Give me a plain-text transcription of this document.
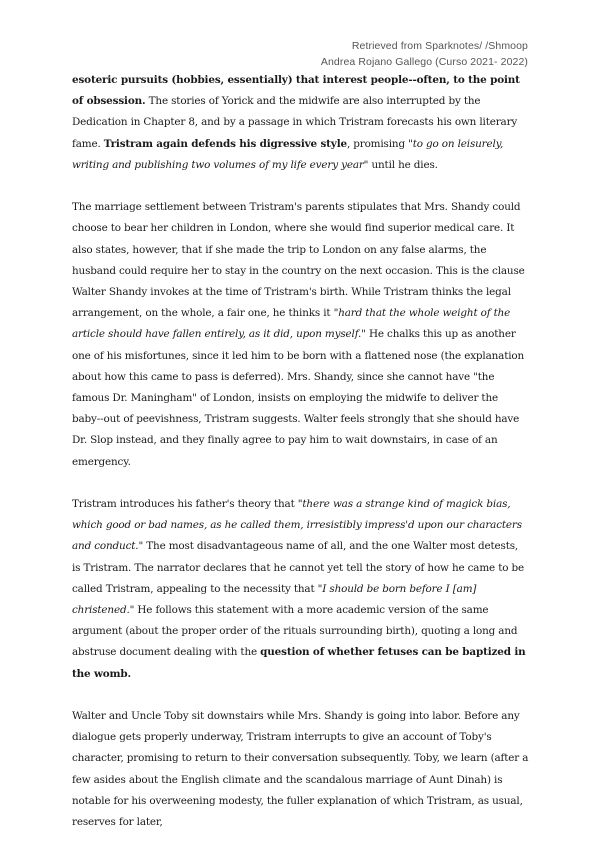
Retrieved from Sparknotes/ /Shmoop
Andrea Rojano Gallego (Curso 2021- 2022)

esoteric pursuits (hobbies, essentially) that interest people--often, to the point of obsession. The stories of Yorick and the midwife are also interrupted by the Dedication in Chapter 8, and by a passage in which Tristram forecasts his own literary fame. Tristram again defends his digressive style, promising "to go on leisurely, writing and publishing two volumes of my life every year" until he dies.

The marriage settlement between Tristram's parents stipulates that Mrs. Shandy could choose to bear her children in London, where she would find superior medical care. It also states, however, that if she made the trip to London on any false alarms, the husband could require her to stay in the country on the next occasion. This is the clause Walter Shandy invokes at the time of Tristram's birth. While Tristram thinks the legal arrangement, on the whole, a fair one, he thinks it "hard that the whole weight of the article should have fallen entirely, as it did, upon myself." He chalks this up as another one of his misfortunes, since it led him to be born with a flattened nose (the explanation about how this came to pass is deferred). Mrs. Shandy, since she cannot have "the famous Dr. Maningham" of London, insists on employing the midwife to deliver the baby--out of peevishness, Tristram suggests. Walter feels strongly that she should have Dr. Slop instead, and they finally agree to pay him to wait downstairs, in case of an emergency.

Tristram introduces his father's theory that "there was a strange kind of magick bias, which good or bad names, as he called them, irresistibly impress'd upon our characters and conduct." The most disadvantageous name of all, and the one Walter most detests, is Tristram. The narrator declares that he cannot yet tell the story of how he came to be called Tristram, appealing to the necessity that "I should be born before I [am] christened." He follows this statement with a more academic version of the same argument (about the proper order of the rituals surrounding birth), quoting a long and abstruse document dealing with the question of whether fetuses can be baptized in the womb.

Walter and Uncle Toby sit downstairs while Mrs. Shandy is going into labor. Before any dialogue gets properly underway, Tristram interrupts to give an account of Toby's character, promising to return to their conversation subsequently. Toby, we learn (after a few asides about the English climate and the scandalous marriage of Aunt Dinah) is notable for his overweening modesty, the fuller explanation of which Tristram, as usual, reserves for later,
